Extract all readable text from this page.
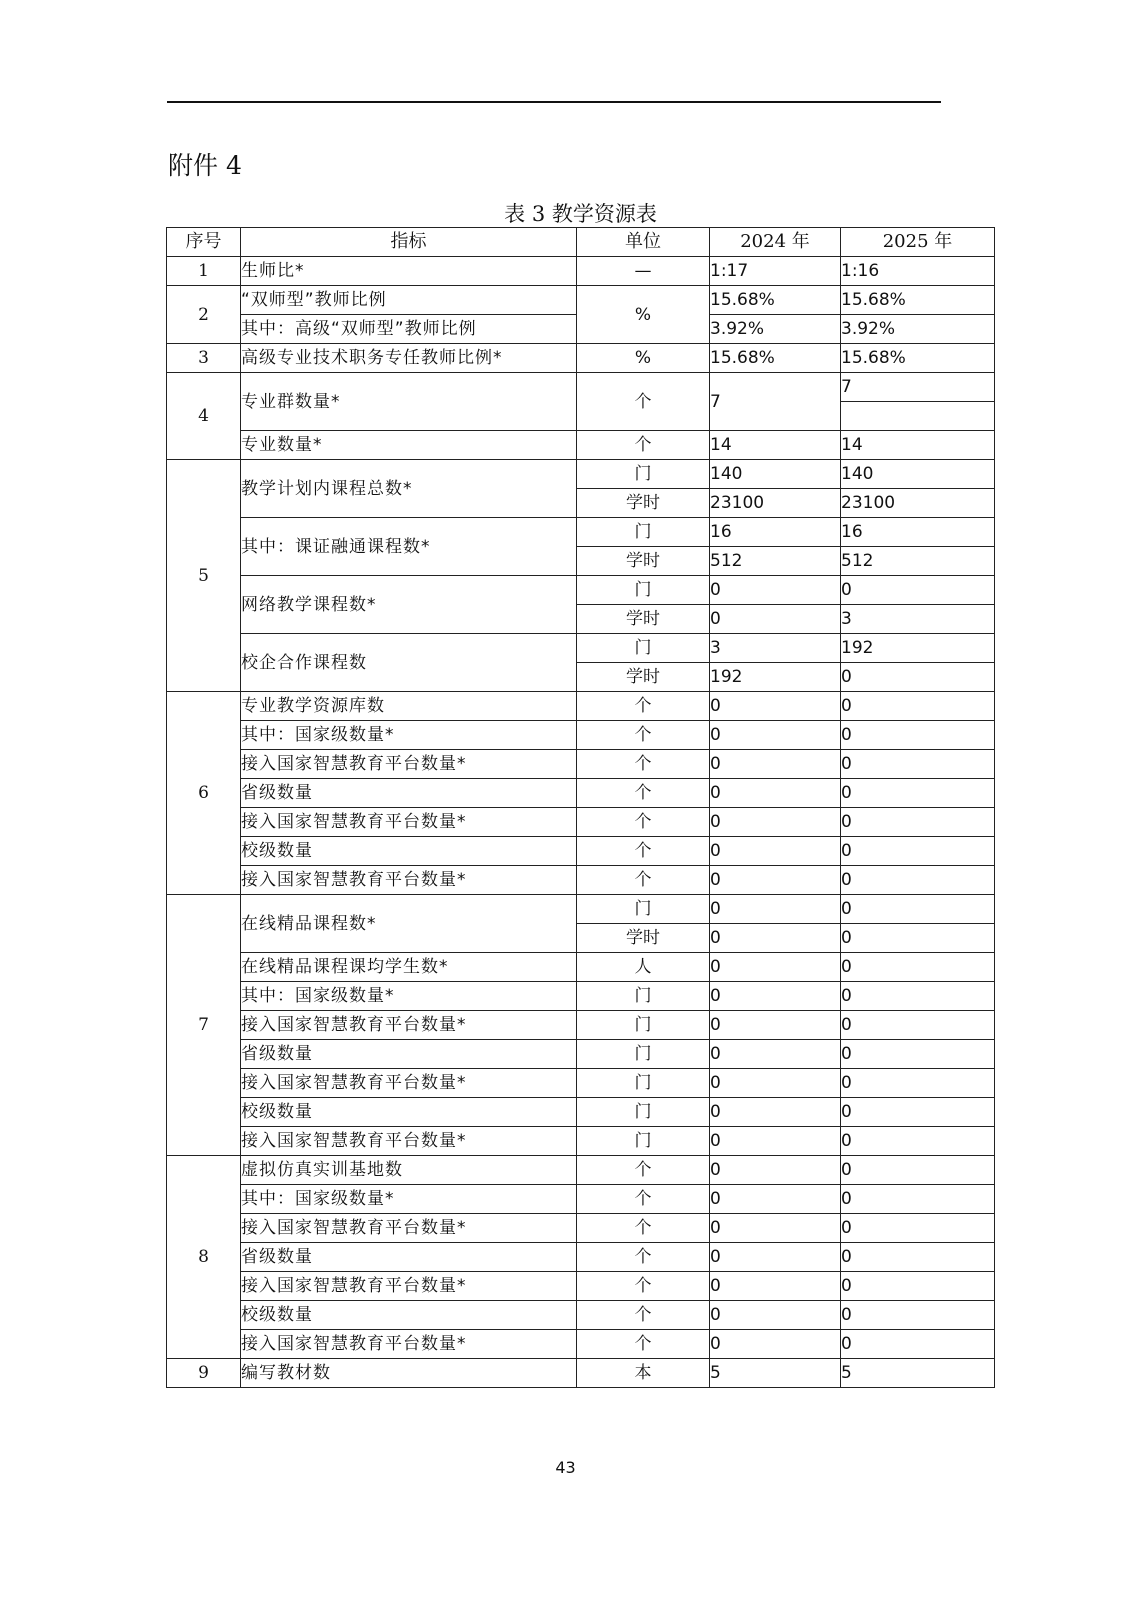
附件 4
表 3 教学资源表
序号	指标	单位	2024 年	2025 年
1	生师比*	—	1:17	1:16
2	“双师型”教师比例	%	15.68%	15.68%
	其中：高级“双师型”教师比例		3.92%	3.92%
3	高级专业技术职务专任教师比例*	%	15.68%	15.68%
4	专业群数量*	个	7	7

	专业数量*	个	14	14
5	教学计划内课程总数*	门	140	140
		学时	23100	23100
	其中：课证融通课程数*	门	16	16
		学时	512	512
	网络教学课程数*	门	0	0
		学时	0	3
	校企合作课程数	门	3	192
		学时	192	0
6	专业教学资源库数	个	0	0
	其中：国家级数量*	个	0	0
	接入国家智慧教育平台数量*	个	0	0
	省级数量	个	0	0
	接入国家智慧教育平台数量*	个	0	0
	校级数量	个	0	0
	接入国家智慧教育平台数量*	个	0	0
7	在线精品课程数*	门	0	0
		学时	0	0
	在线精品课程课均学生数*	人	0	0
	其中：国家级数量*	门	0	0
	接入国家智慧教育平台数量*	门	0	0
	省级数量	门	0	0
	接入国家智慧教育平台数量*	门	0	0
	校级数量	门	0	0
	接入国家智慧教育平台数量*	门	0	0
8	虚拟仿真实训基地数	个	0	0
	其中：国家级数量*	个	0	0
	接入国家智慧教育平台数量*	个	0	0
	省级数量	个	0	0
	接入国家智慧教育平台数量*	个	0	0
	校级数量	个	0	0
	接入国家智慧教育平台数量*	个	0	0
9	编写教材数	本	5	5
43
